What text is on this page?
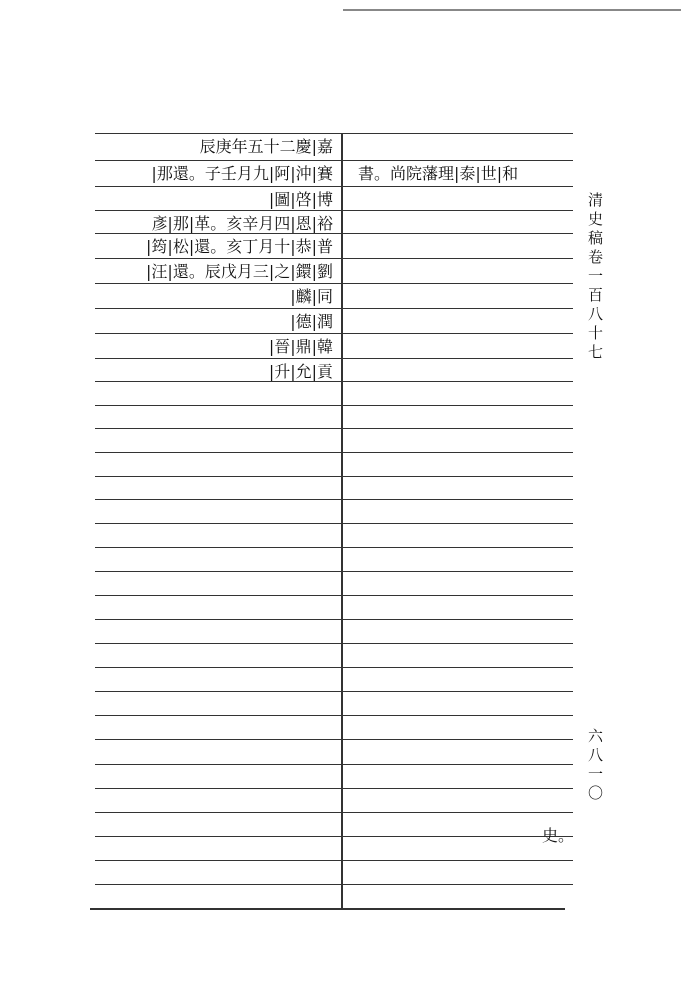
辰庚年五十二慶|嘉
|那還。子壬月九|阿|沖|賽
|圖|啓|博
彥|那|革。亥辛月四|恩|裕
|筠|松|還。亥丁月十|恭|普
|汪|還。辰戊月三|之|鐶|劉
|麟|同
|德|潤
|晉|鼎|韓
|升|允|貢
書。尚院藩理|泰|世|和
清史稿卷一百八十七
六八一〇
史。
